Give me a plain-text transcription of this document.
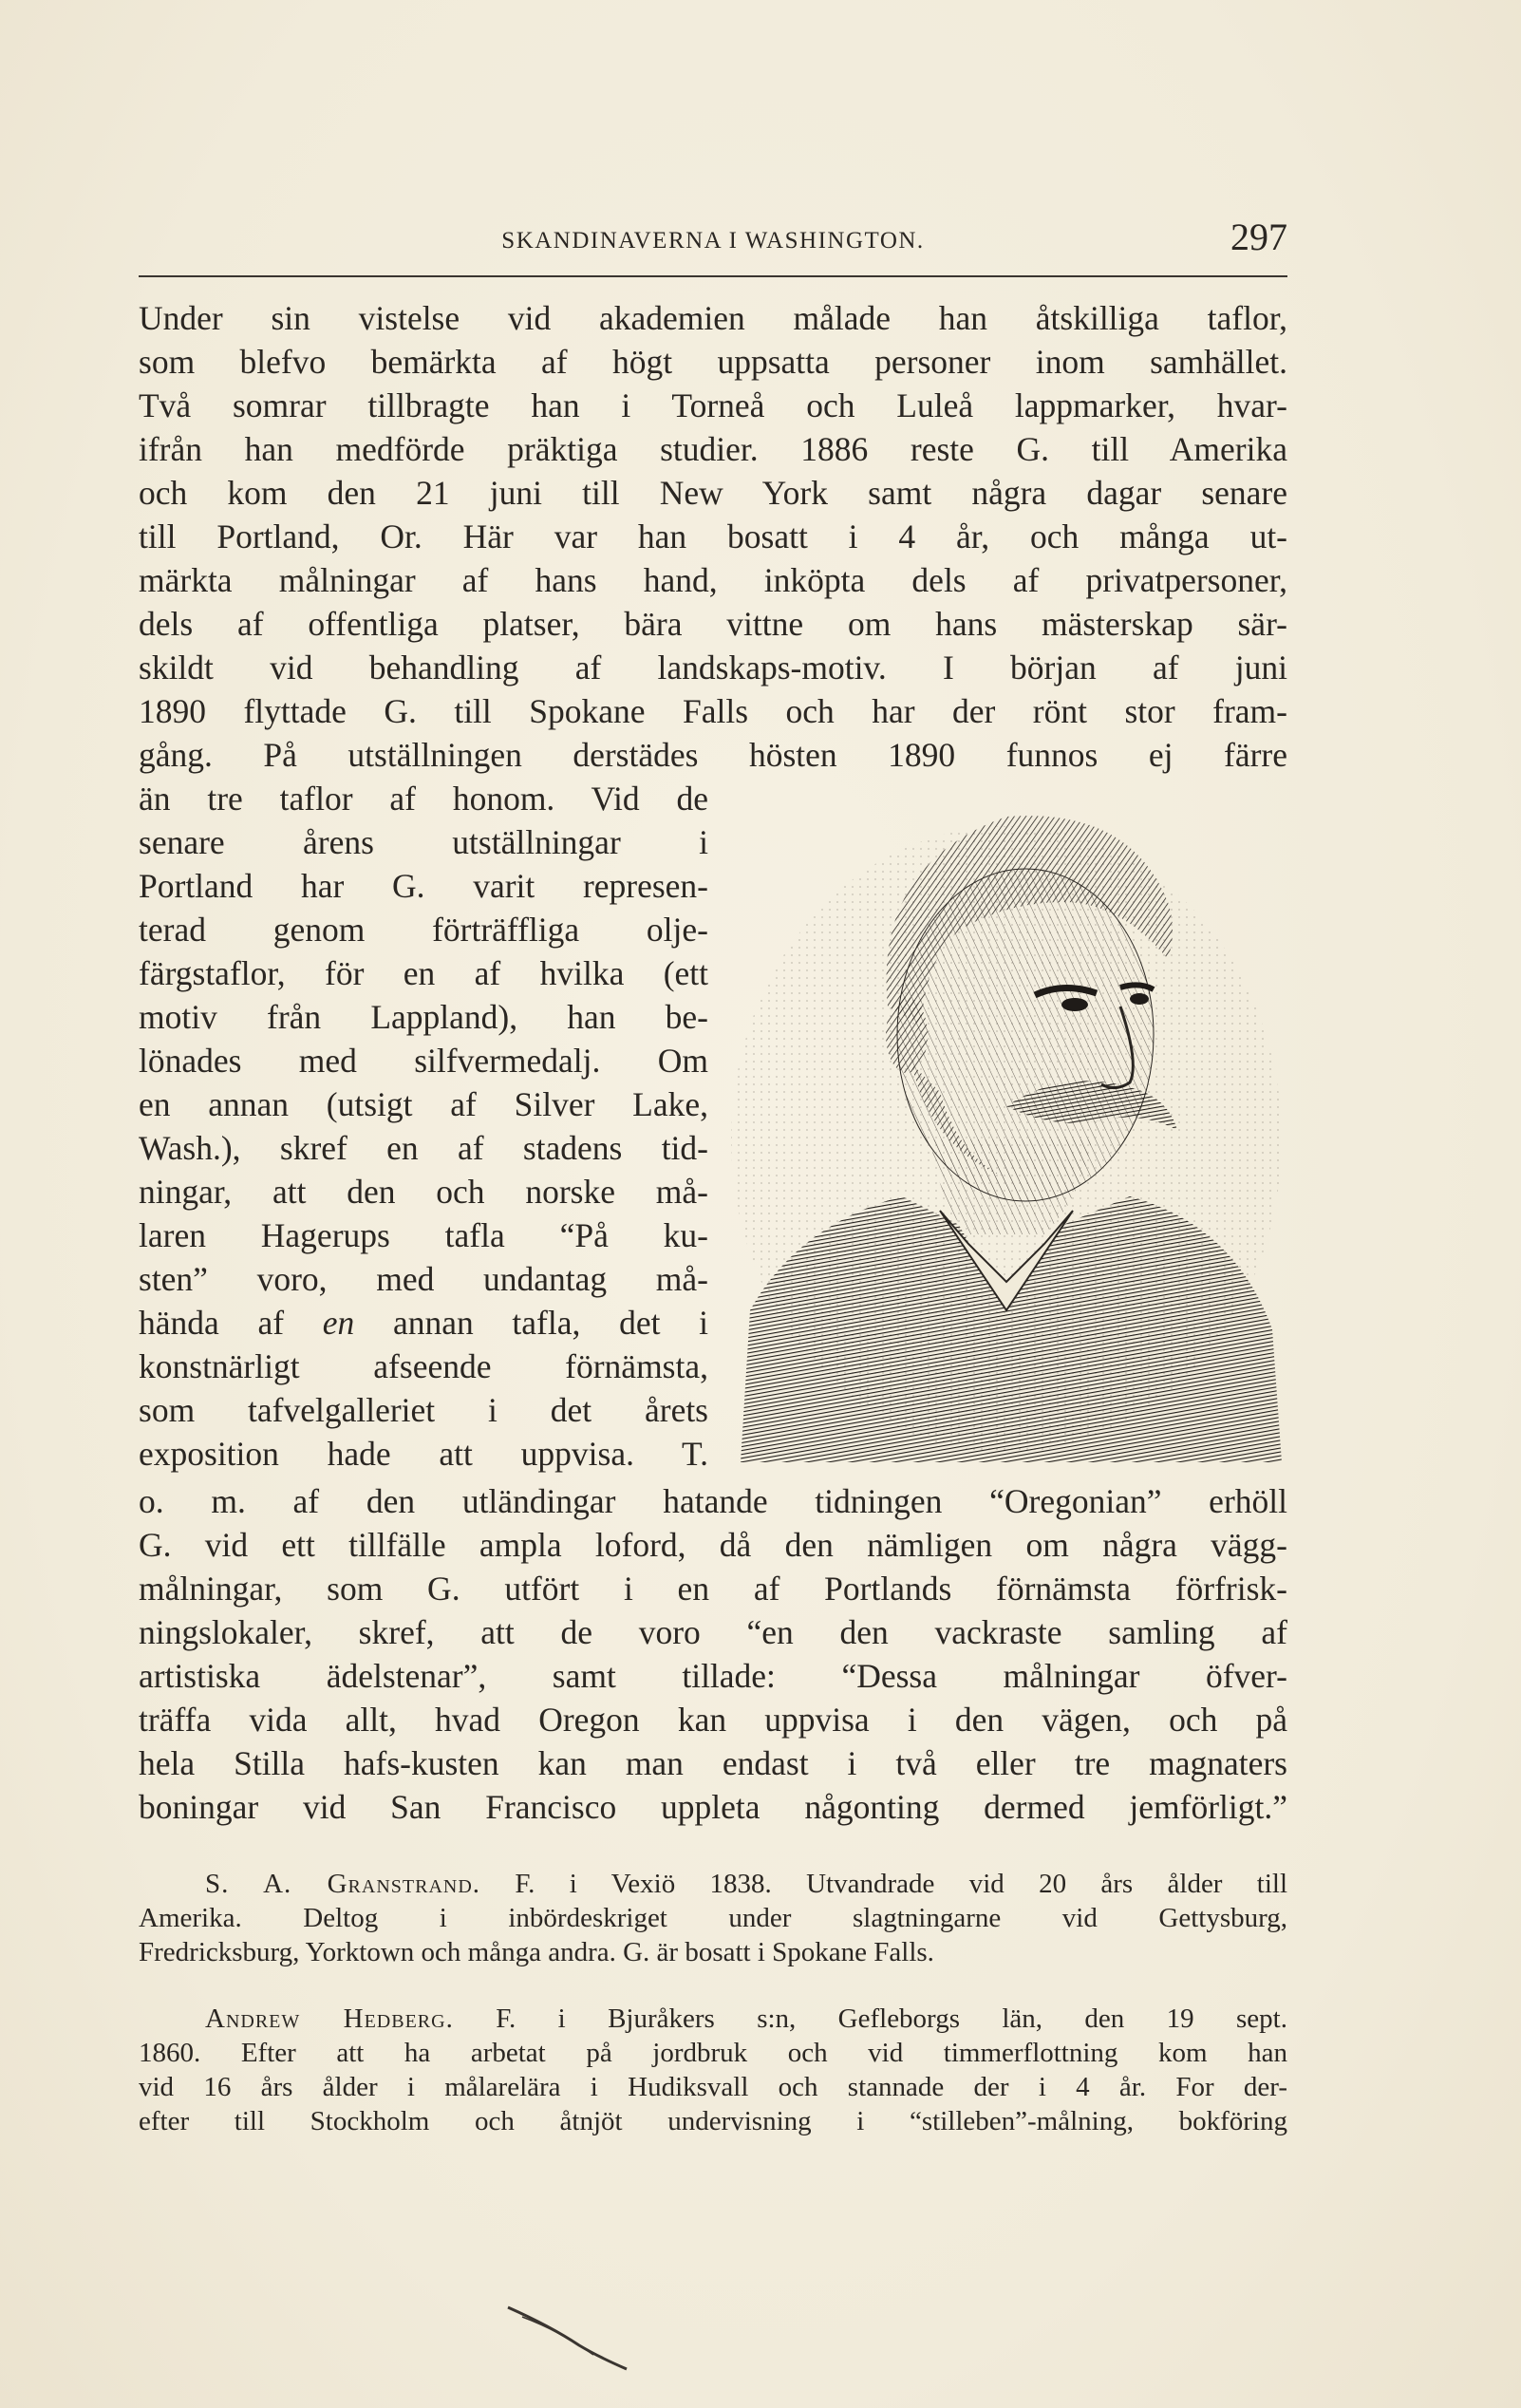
SKANDINAVERNA I WASHINGTON.	297
Under sin vistelse vid akademien målade han åtskilliga taflor,
som blefvo bemärkta af högt uppsatta personer inom samhället.
Två somrar tillbragte han i Torneå och Luleå lappmarker, hvar-
ifrån han medförde präktiga studier. 1886 reste G. till Amerika
och kom den 21 juni till New York samt några dagar senare
till Portland, Or. Här var han bosatt i 4 år, och många ut-
märkta målningar af hans hand, inköpta dels af privatpersoner,
dels af offentliga platser, bära vittne om hans mästerskap sär-
skildt vid behandling af landskaps-motiv. I början af juni
1890 flyttade G. till Spokane Falls och har der rönt stor fram-
gång. På utställningen derstädes hösten 1890 funnos ej färre
än tre taflor af honom. Vid de
senare årens utställningar i
Portland har G. varit represen-
terad genom förträffliga olje-
färgstaflor, för en af hvilka (ett
motiv från Lappland), han be-
lönades med silfvermedalj. Om
en annan (utsigt af Silver Lake,
Wash.), skref en af stadens tid-
ningar, att den och norske må-
laren Hagerups tafla “På ku-
sten” voro, med undantag må-
hända af en annan tafla, det i
konstnärligt afseende förnämsta,
som tafvelgalleriet i det årets
exposition hade att uppvisa. T.
o. m. af den utländingar hatande tidningen “Oregonian” erhöll
G. vid ett tillfälle ampla loford, då den nämligen om några vägg-
målningar, som G. utfört i en af Portlands förnämsta förfrisk-
ningslokaler, skref, att de voro “en den vackraste samling af
artistiska ädelstenar”, samt tillade: “Dessa målningar öfver-
träffa vida allt, hvad Oregon kan uppvisa i den vägen, och på
hela Stilla hafs-kusten kan man endast i två eller tre magnaters
boningar vid San Francisco uppleta någonting dermed jemförligt.”
S. A. Granstrand. F. i Vexiö 1838. Utvandrade vid 20 års ålder till
Amerika. Deltog i inbördeskriget under slagtningarne vid Gettysburg,
Fredricksburg, Yorktown och många andra. G. är bosatt i Spokane Falls.
Andrew Hedberg. F. i Bjuråkers s:n, Gefleborgs län, den 19 sept.
1860. Efter att ha arbetat på jordbruk och vid timmerflottning kom han
vid 16 års ålder i målarelära i Hudiksvall och stannade der i 4 år. For der-
efter till Stockholm och åtnjöt undervisning i “stilleben”-målning, bokföring
